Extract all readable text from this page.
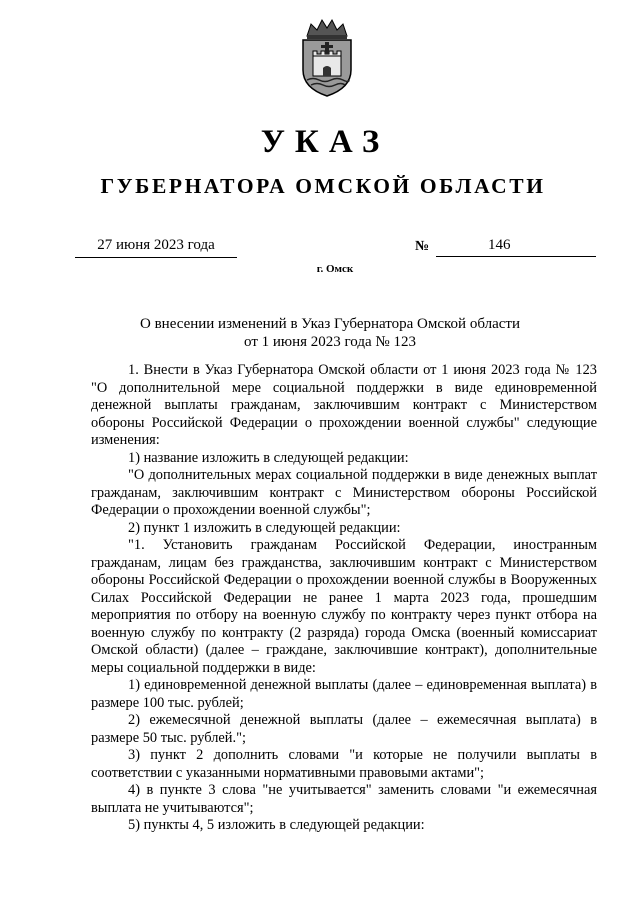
УКАЗ
ГУБЕРНАТОРА ОМСКОЙ ОБЛАСТИ
27 июня 2023 года	№	146
г. Омск
О внесении изменений в Указ Губернатора Омской области
от 1 июня 2023 года № 123

1. Внести в Указ Губернатора Омской области от 1 июня 2023 года № 123 "О дополнительной мере социальной поддержки в виде единовременной денежной выплаты гражданам, заключившим контракт с Министерством обороны Российской Федерации о прохождении военной службы" следующие изменения:

1) название изложить в следующей редакции:

"О дополнительных мерах социальной поддержки в виде денежных выплат гражданам, заключившим контракт с Министерством обороны Российской Федерации о прохождении военной службы";

2) пункт 1 изложить в следующей редакции:

"1. Установить гражданам Российской Федерации, иностранным гражданам, лицам без гражданства, заключившим контракт с Министерством обороны Российской Федерации о прохождении военной службы в Вооруженных Силах Российской Федерации не ранее 1 марта 2023 года, прошедшим мероприятия по отбору на военную службу по контракту через пункт отбора на военную службу по контракту (2 разряда) города Омска (военный комиссариат Омской области) (далее – граждане, заключившие контракт), дополнительные меры социальной поддержки в виде:

1) единовременной денежной выплаты (далее – единовременная выплата) в размере 100 тыс. рублей;

2) ежемесячной денежной выплаты (далее – ежемесячная выплата) в размере 50 тыс. рублей.";

3) пункт 2 дополнить словами "и которые не получили выплаты в соответствии с указанными нормативными правовыми актами";

4) в пункте 3 слова "не учитывается" заменить словами "и ежемесячная выплата не учитываются";

5) пункты 4, 5 изложить в следующей редакции:
